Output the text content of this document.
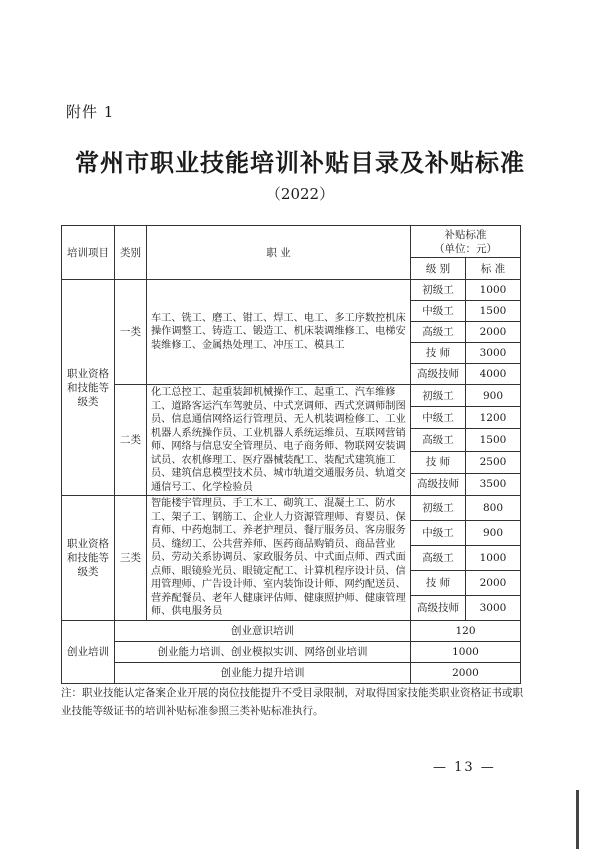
附件 1
常州市职业技能培训补贴目录及补贴标准
（2022）
培训项目	类别	职 业	补贴标准
（单位：元）	

			级 别	标 准
职业资格和技能等级类	一类	车工、铣工、磨工、钳工、焊工、电工、多工序数控机床操作调整工、铸造工、锻造工、机床装调维修工、电梯安装维修工、金属热处理工、冲压工、模具工	初级工	1000
			中级工	1500
			高级工	2000
			技 师	3000
			高级技师	4000
	二类	化工总控工、起重装卸机械操作工、起重工、汽车维修工、道路客运汽车驾驶员、中式烹调师、西式烹调师制图员、信息通信网络运行管理员、无人机装调检修工、工业机器人系统操作员、工业机器人系统运维员、互联网营销师、网络与信息安全管理员、电子商务师、物联网安装调试员、农机修理工、医疗器械装配工、装配式建筑施工员、建筑信息模型技术员、城市轨道交通服务员、轨道交通信号工、化学检验员	初级工	900
			中级工	1200
			高级工	1500
			技 师	2500
			高级技师	3500
职业资格和技能等级类	三类	智能楼宇管理员、手工木工、砌筑工、混凝土工、防水工、架子工、钢筋工、企业人力资源管理师、育婴员、保育师、中药炮制工、养老护理员、餐厅服务员、客房服务员、缝纫工、公共营养师、医药商品购销员、商品营业员、劳动关系协调员、家政服务员、中式面点师、西式面点师、眼镜验光员、眼镜定配工、计算机程序设计员、信用管理师、广告设计师、室内装饰设计师、网约配送员、营养配餐员、老年人健康评估师、健康照护师、健康管理师、供电服务员	初级工	800
			中级工	900
			高级工	1000
			技 师	2000
			高级技师	3000
创业培训	创业意识培训		120	
	创业能力培训、创业模拟实训、网络创业培训		1000	
	创业能力提升培训		2000	
注：职业技能认定备案企业开展的岗位技能提升不受目录限制，对取得国家技能类职业资格证书或职业技能等级证书的培训补贴标准参照三类补贴标准执行。
— 13 —
